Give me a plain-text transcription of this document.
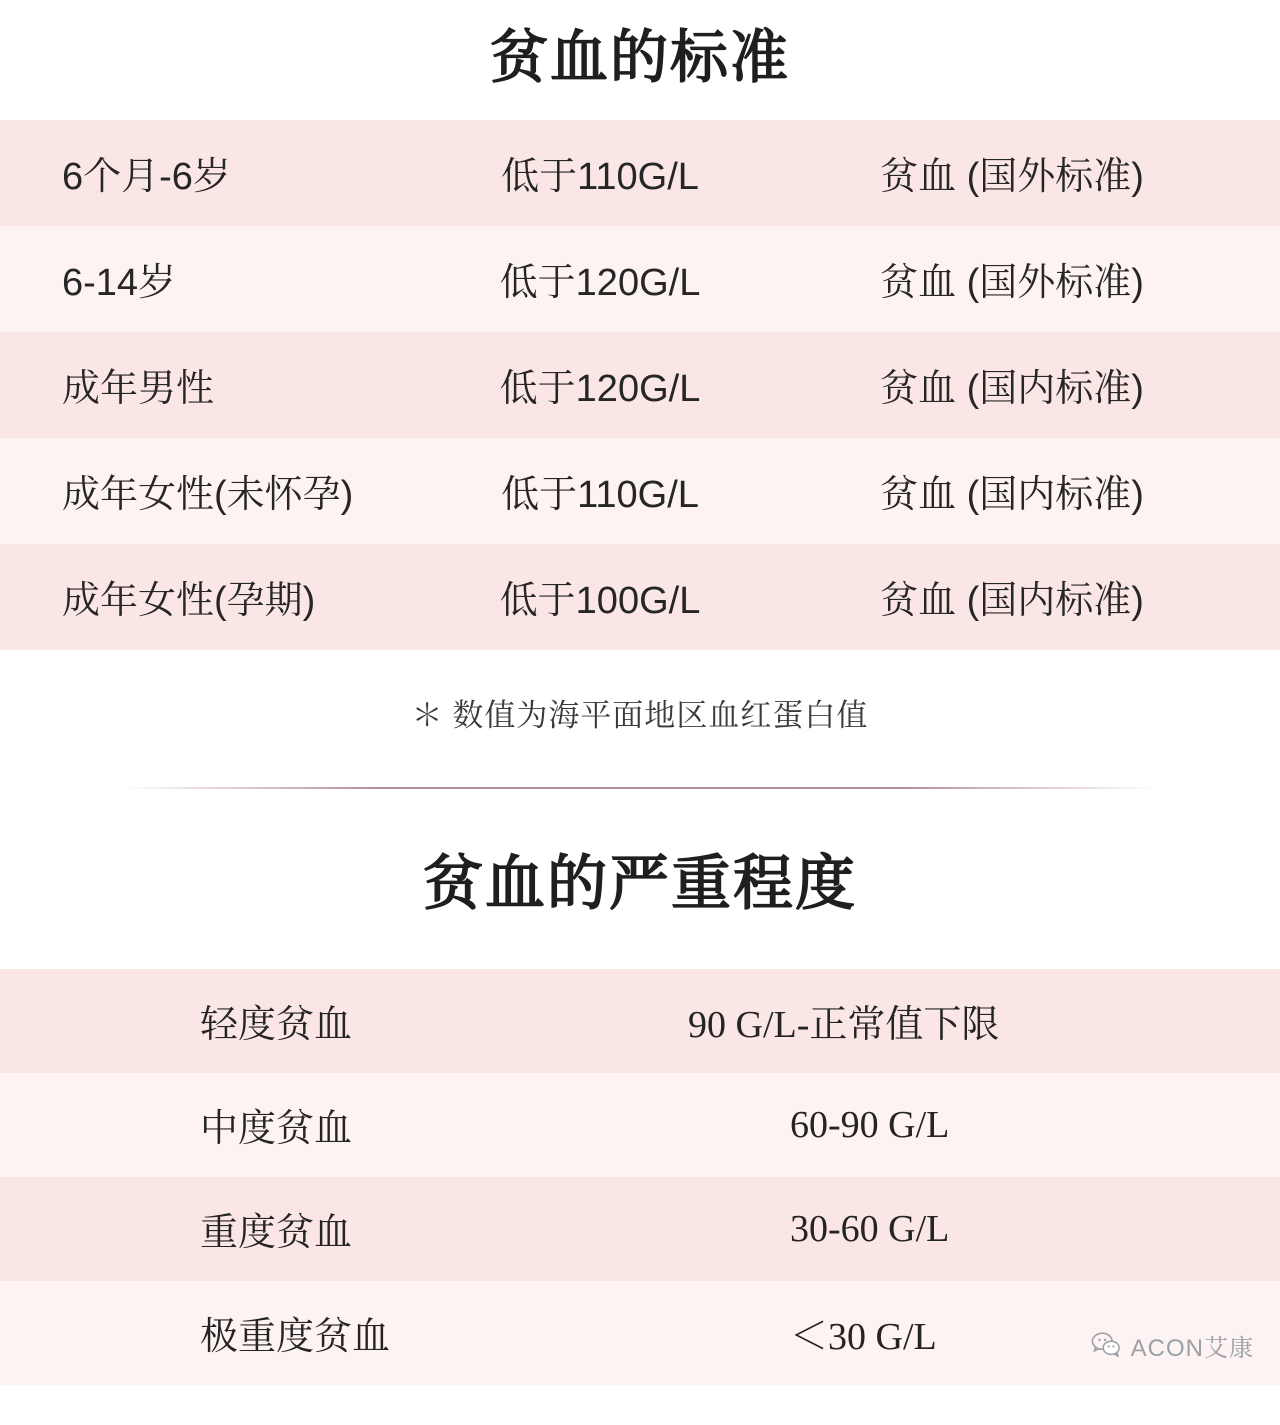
贫血的标准
6个月-6岁	低于110G/L	贫血 (国外标准)
6-14岁	低于120G/L	贫血 (国外标准)
成年男性	低于120G/L	贫血 (国内标准)
成年女性(未怀孕)	低于110G/L	贫血 (国内标准)
成年女性(孕期)	低于100G/L	贫血 (国内标准)
＊ 数值为海平面地区血红蛋白值
贫血的严重程度
轻度贫血	90 G/L-正常值下限
中度贫血	60-90 G/L
重度贫血	30-60 G/L
极重度贫血	＜30 G/L	ACON艾康
